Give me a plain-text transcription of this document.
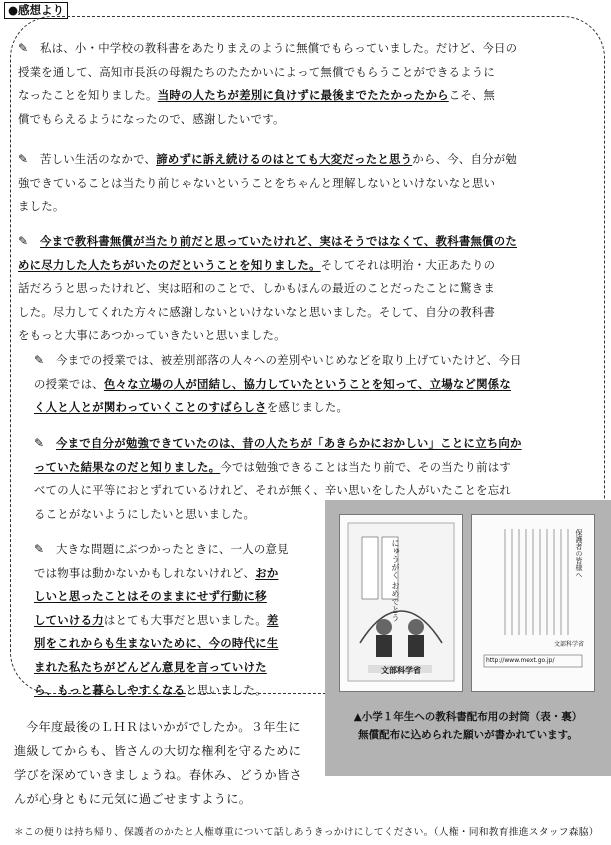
●感想より
✎ 私は、小・中学校の教科書をあたりまえのように無償でもらっていました。だけど、今日の
授業を通して、高知市長浜の母親たちのたたかいによって無償でもらうことができるように
なったことを知りました。当時の人たちが差別に負けずに最後までたたかったからこそ、無
償でもらえるようになったので、感謝したいです。
✎ 苦しい生活のなかで、諦めずに訴え続けるのはとても大変だったと思うから、今、自分が勉
強できていることは当たり前じゃないということをちゃんと理解しないといけないなと思い
ました。
✎ 今まで教科書無償が当たり前だと思っていたけれど、実はそうではなくて、教科書無償のた
めに尽力した人たちがいたのだということを知りました。そしてそれは明治・大正あたりの
話だろうと思ったけれど、実は昭和のことで、しかもほんの最近のことだったことに驚きま
した。尽力してくれた方々に感謝しないといけないなと思いました。そして、自分の教科書
をもっと大事にあつかっていきたいと思いました。
✎ 今までの授業では、被差別部落の人々への差別やいじめなどを取り上げていたけど、今日
の授業では、色々な立場の人が団結し、協力していたということを知って、立場など関係な
く人と人とが関わっていくことのすばらしさを感じました。
✎ 今まで自分が勉強できていたのは、昔の人たちが「あきらかにおかしい」ことに立ち向か
っていた結果なのだと知りました。今では勉強できることは当たり前で、その当たり前はす
べての人に平等におとずれているけれど、それが無く、辛い思いをした人がいたことを忘れ
ることがないようにしたいと思いました。
✎ 大きな問題にぶつかったときに、一人の意見
では物事は動かないかもしれないけれど、おか
しいと思ったことはそのままにせず行動に移
していける力はとても大事だと思いました。差
別をこれからも生まないために、今の時代に生
まれた私たちがどんどん意見を言っていけた
ら、もっと暮らしやすくなると思いました。
今年度最後のＬＨＲはいかがでしたか。３年生に
進級してからも、皆さんの大切な権利を守るために
学びを深めていきましょうね。春休み、どうか皆さ
んが心身ともに元気に過ごせますように。
にゅうがく おめでとう
文部科学省
保護者の皆様へ
文部科学省
http://www.mext.go.jp/
▲小学１年生への教科書配布用の封筒（表・裏）
無償配布に込められた願いが書かれています。
＊この便りは持ち帰り、保護者のかたと人権尊重について話しあうきっかけにしてください。（人権・同和教育推進スタッフ森脇）
